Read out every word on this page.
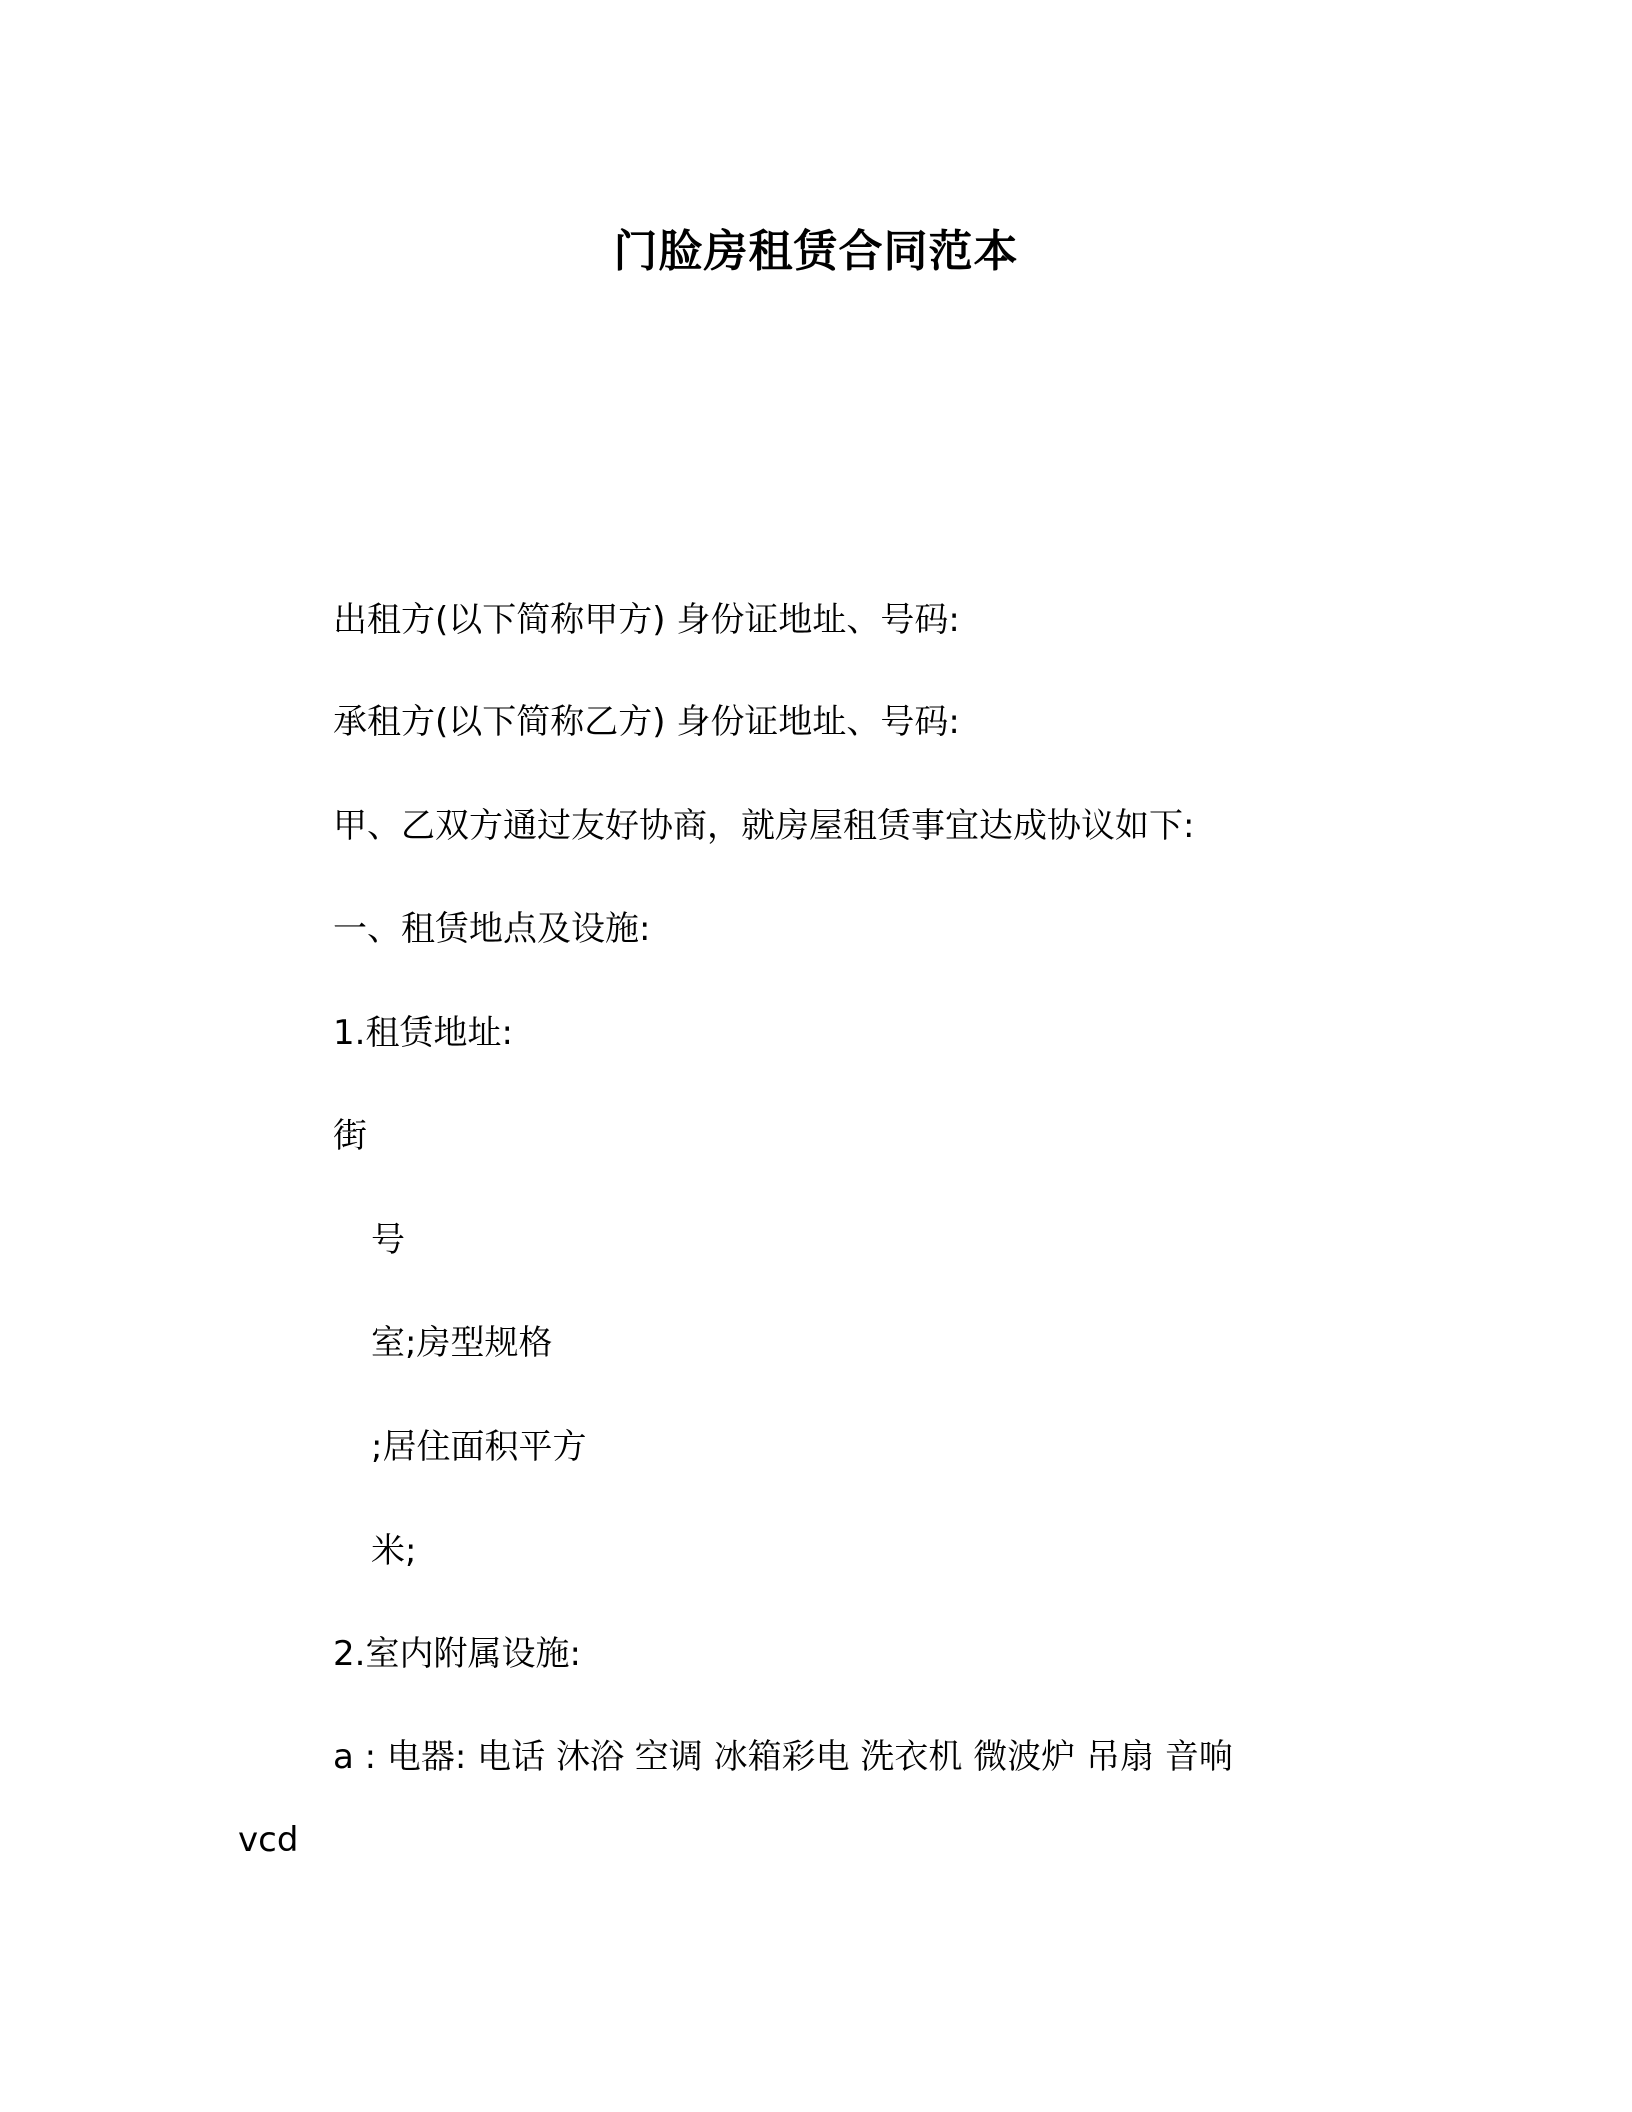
门脸房租赁合同范本
出租方(以下简称甲方) 身份证地址、号码:
承租方(以下简称乙方) 身份证地址、号码:
甲、乙双方通过友好协商，就房屋租赁事宜达成协议如下:
一、租赁地点及设施:
1.租赁地址:
街
号
室;房型规格
;居住面积平方
米;
2.室内附属设施:
a : 电器: 电话 沐浴 空调 冰箱彩电 洗衣机 微波炉 吊扇 音响
vcd
